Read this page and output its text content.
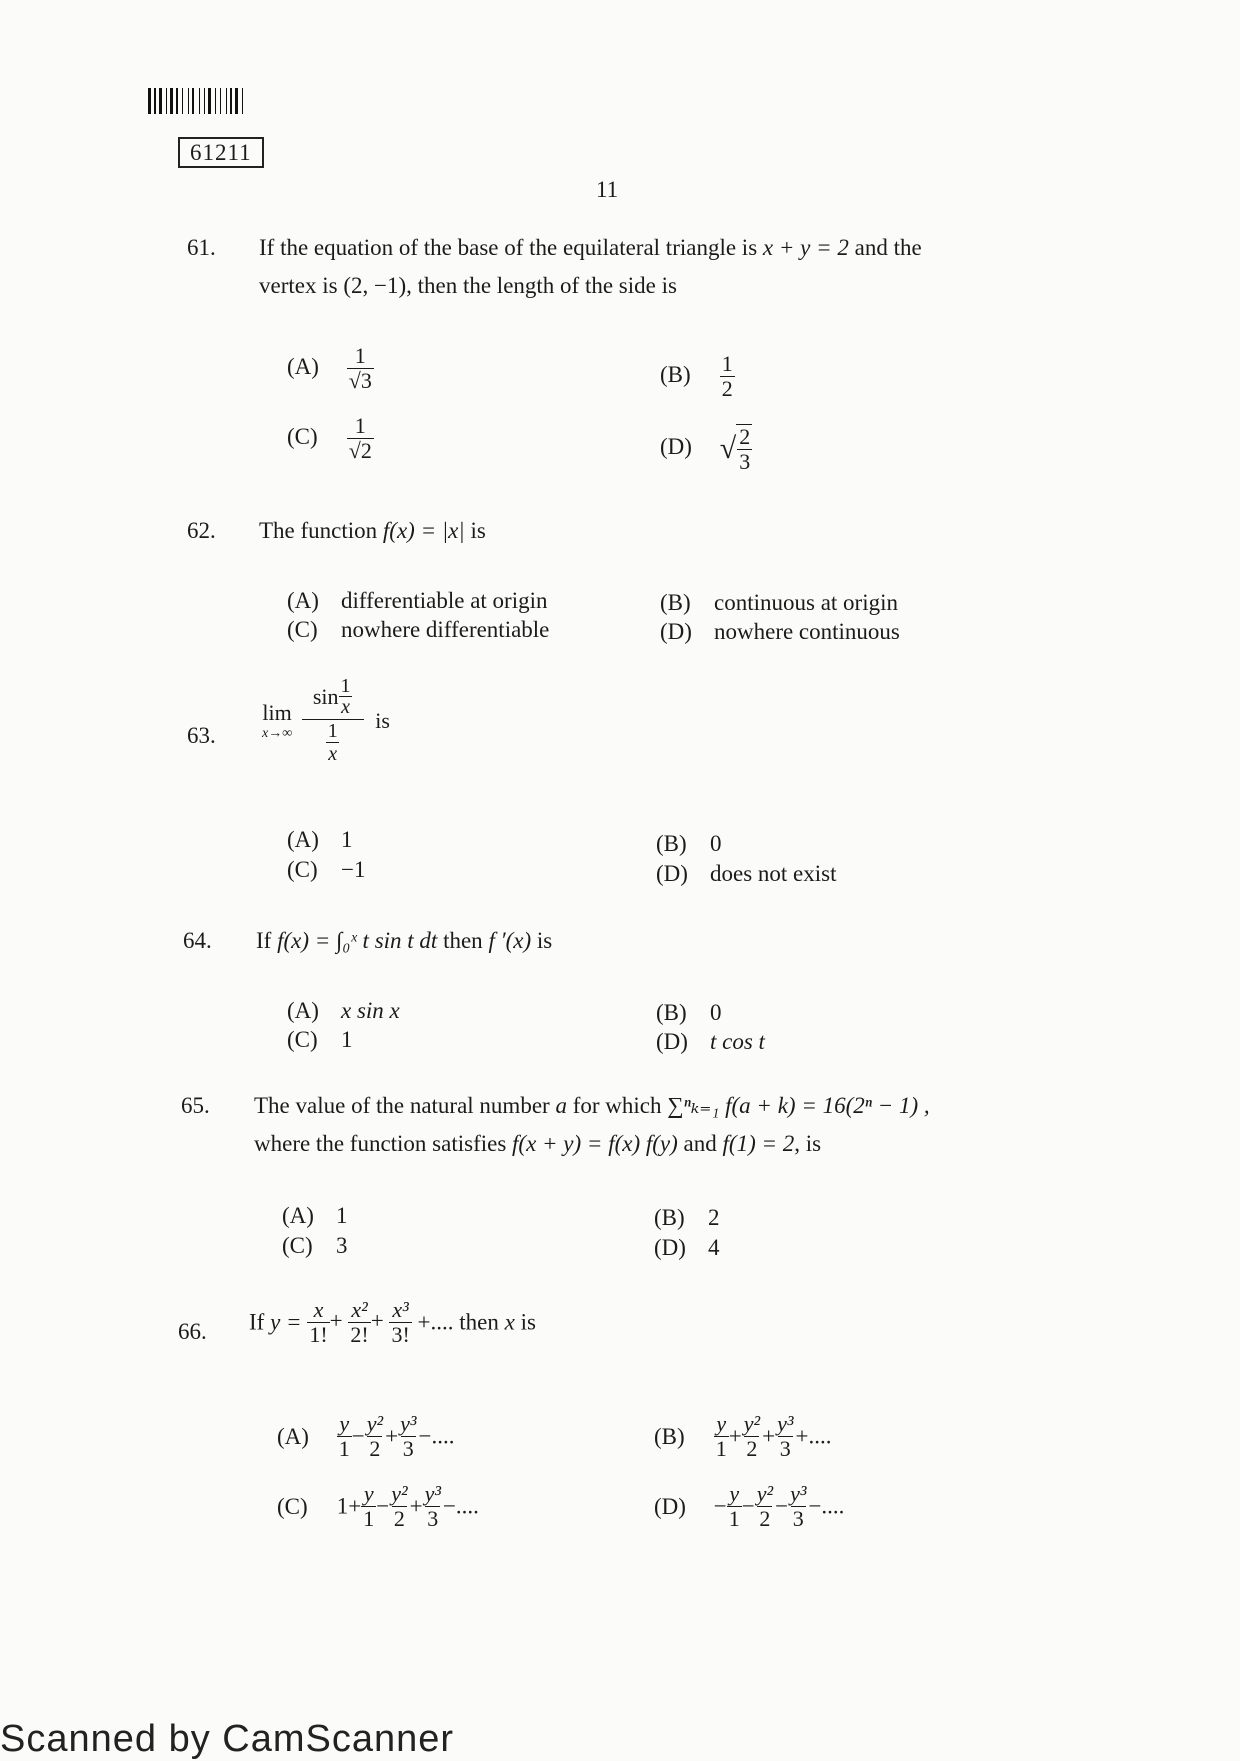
61211
11
61. If the equation of the base of the equilateral triangle is x + y = 2 and the
vertex is (2, −1), then the length of the side is
$(A) \frac{1}{√3}$	$(B) \frac{1}{2}$
$(C) \frac{1}{√2}$	(D) √ $\frac{2}{3}$
62. The function f(x) = |x| is
(A) differentiable at origin	(B) continuous at origin
(C) nowhere differentiable	(D) nowhere continuous
63.
lim
x→∞
$\frac{\sin \frac{1}{x}}{\frac{1}{x}}$ is
(A) 1	(B) 0
(C) −1	(D) does not exist
64. If f(x) = ∫₀ˣ t sin t dt then f ′(x) is
(A) x sin x	(B) 0
(C) 1	(D) t cos t
65. The value of the natural number a for which ∑ⁿₖ₌₁ f(a + k) = 16(2ⁿ − 1) ,
where the function satisfies f(x + y) = f(x) f(y) and f(1) = 2, is
(A) 1	(B) 2
(C) 3	(D) 4
66. If $y = \frac{x}{1!} + \frac{\text{x²}}{2!} + \frac{\text{x³}}{3!}$ +.... then x is
$(A) \frac{y}{1} - \frac{\text{y²}}{2} + \frac{\text{y³}}{3}$ −....	$(B) \frac{y}{1} + \frac{\text{y²}}{2} + \frac{\text{y³}}{3}$ +....
(C) $1+ \frac{y}{1} - \frac{\text{y²}}{2} + \frac{\text{y³}}{3}$ −....	$(D) - \frac{y}{1} - \frac{\text{y²}}{2} - \frac{\text{y³}}{3}$ −....
Scanned by CamScanner
